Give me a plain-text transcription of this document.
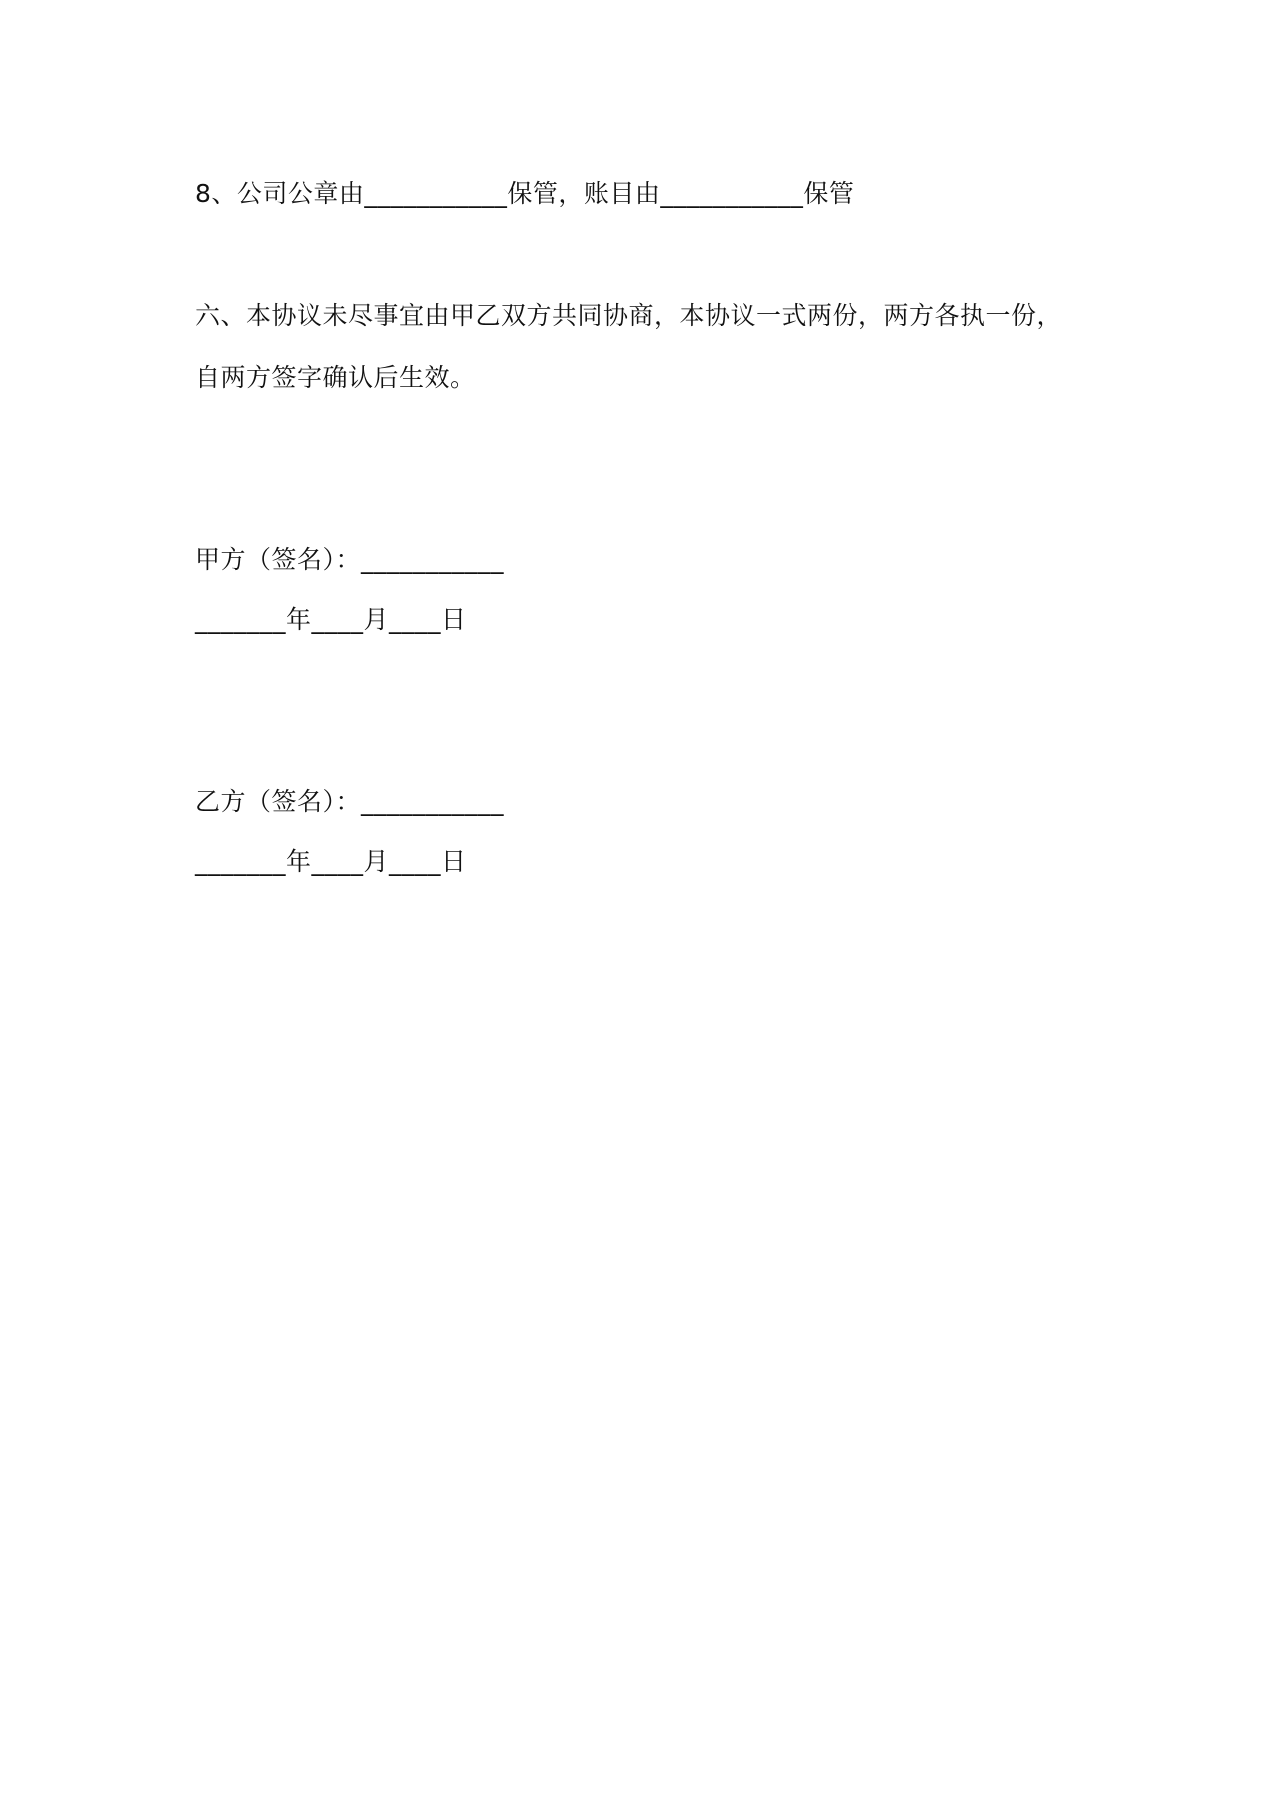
8、公司公章由___________保管，账目由___________保管
六、本协议未尽事宜由甲乙双方共同协商，本协议一式两份，两方各执一份，
自两方签字确认后生效。
甲方（签名）：___________
_______年____月____日
乙方（签名）：___________
_______年____月____日
